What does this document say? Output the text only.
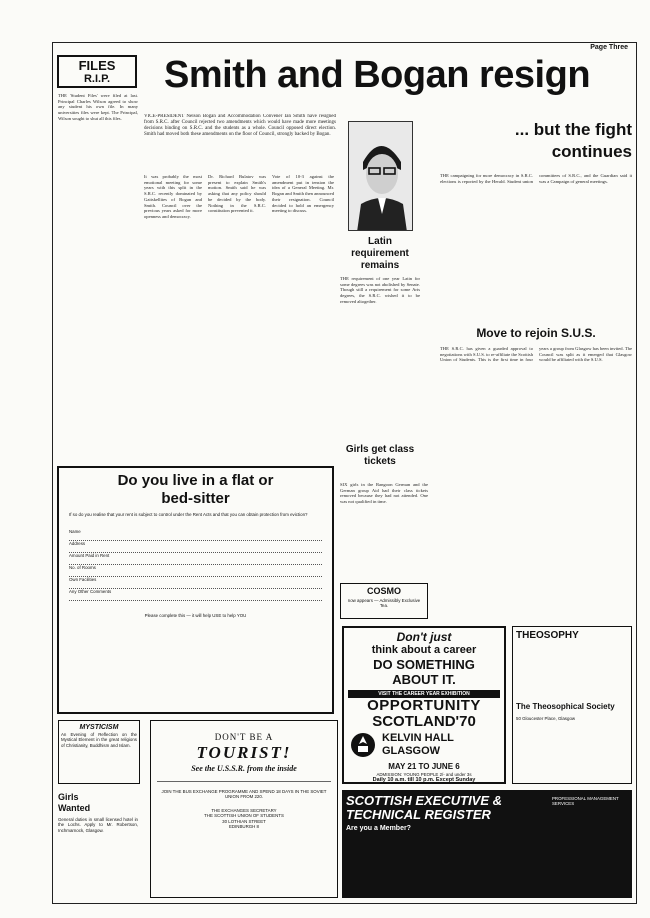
Page Three
FILES
R.I.P.
THE 'Student Files' were filed at last. Principal Charles Wilson agreed to show any student his own file. In many universities files were kept. The Principal, Wilson sought to shut all this files.
Smith and Bogan resign
VICE-PRESIDENT Nelson Bogan and Accommodation Convener Ian Smith have resigned from S.R.C. after Council rejected two amendments which would have made more meetings decisions binding on S.R.C. and the students as a whole. Council opposed direct election. Smith had moved both these amendments on the floor of Council, strongly backed by Bogan.
It was probably the most emotional meeting for some years with this split in the S.R.C. recently dominated by Gaitskellites of Bogan and Smith. Council over the previous years asked for more openness and democracy.
Dr. Richard Bulatov was present to explain Smith's motion. Smith said he was asking that any policy should be decided by the body. Nothing in the S.R.C. constitution prevented it.
Vote of 10-3 against the amendment put in tension the idea of a General Meeting. Mr. Bogan and Smith then announced their resignation. Council decided to hold an emergency meeting to discuss.
... but the fight
continues
THE campaigning for more democracy in S.R.C. elections is reported by the Herald. Student union committees of S.R.C., and the Guardian said it was a Campaign of general meetings.
Latin requirement remains
THE requirement of one year Latin for some degrees was not abolished by Senate. Though still a requirement for some Arts degrees, the S.R.C. wished it to be removed altogether.
Move to rejoin S.U.S.
THE S.R.C. has given a guarded approval to negotiations with S.U.S. to re-affiliate the Scottish Union of Students. This is the first time in four years a group from Glasgow has been invited. The Council was split as it emerged that Glasgow would be affiliated with the S.U.S.
Girls get class tickets
SIX girls in the Rangoon German and the German group Aid had their class tickets removed because they had not attended. One was not qualified in time.
COSMO
now appears — Admissibly Exclusive Tea.
Do you live in a flat or
bed-sitter
If so do you realise that your rent is subject to control under the Rent Acts and that you can obtain protection from eviction?
Name
Address
Amount Paid in Rent
No. of Rooms
Own Facilities
Any Other Comments
Please complete this — it will help USE to help YOU
MYSTICISM
An Evening of Reflection on the Mystical Element in the great religions of Christianity, Buddhism and Islam.
Girls
Wanted
General duties in small licensed hotel in the Lochs. Apply to Mr. Robertson, Inchmarnock, Glasgow.
DON'T BE A
TOURIST!
See the U.S.S.R. from the inside
JOIN THE BUS EXCHANGE PROGRAMME AND SPEND 18 DAYS IN THE SOVIET UNION FROM 220.
THE EXCHANGES SECRETARY
THE SCOTTISH UNION OF STUDENTS
30 LOTHIAN STREET
EDINBURGH 8
Don't just
think about a career
DO SOMETHING
ABOUT IT.
VISIT THE CAREER YEAR EXHIBITION
OPPORTUNITY
SCOTLAND'70
KELVIN HALL
GLASGOW
MAY 21 TO JUNE 6
ADMISSION: YOUNG PEOPLE 2/- and under 3s
Daily 10 a.m. till 10 p.m. Except Sunday
THEOSOPHY
The Theosophical Society
50 Gloucester Place, Glasgow
SCOTTISH EXECUTIVE &
TECHNICAL REGISTER
Are you a Member?
PROFESSIONAL MANAGEMENT SERVICES
